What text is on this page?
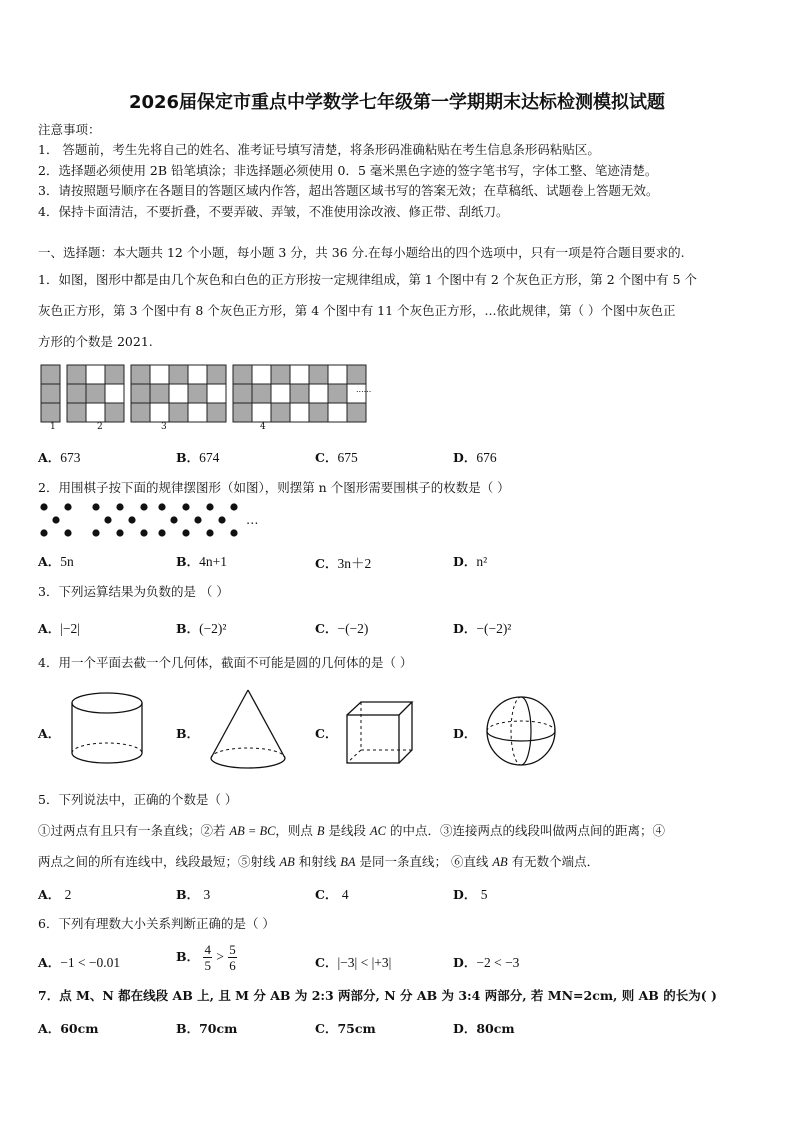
2026届保定市重点中学数学七年级第一学期期末达标检测模拟试题
注意事项：
1． 答题前，考生先将自己的姓名、准考证号填写清楚，将条形码准确粘贴在考生信息条形码粘贴区。
2．选择题必须使用 2B 铅笔填涂；非选择题必须使用 0．5 毫米黑色字迹的签字笔书写，字体工整、笔迹清楚。
3．请按照题号顺序在各题目的答题区域内作答，超出答题区域书写的答案无效；在草稿纸、试题卷上答题无效。
4．保持卡面清洁，不要折叠，不要弄破、弄皱，不准使用涂改液、修正带、刮纸刀。
一、选择题：本大题共 12 个小题，每小题 3 分，共 36 分.在每小题给出的四个选项中，只有一项是符合题目要求的.
1．如图，图形中都是由几个灰色和白色的正方形按一定规律组成，第 1 个图中有 2 个灰色正方形，第 2 个图中有 5 个
灰色正方形，第 3 个图中有 8 个灰色正方形，第 4 个图中有 11 个灰色正方形，...依此规律，第（ ）个图中灰色正
方形的个数是 2021.
1	2	3	4
......
A．673	B．674	C．675	D．676
2．用围棋子按下面的规律摆图形（如图），则摆第 n 个图形需要围棋子的枚数是（ ）
…
A．5n	B．4n+1	C．3n＋2	D．n²
3．下列运算结果为负数的是 （ ）
A．|−2|	B．(−2)²	C．−(−2)	D．−(−2)²
4．用一个平面去截一个几何体，截面不可能是圆的几何体的是（ ）
A．	B．	C．	D．
5．下列说法中，正确的个数是（ ）
①过两点有且只有一条直线；②若 AB = BC，则点 B 是线段 AC 的中点．③连接两点的线段叫做两点间的距离；④
两点之间的所有连线中，线段最短；⑤射线 AB 和射线 BA 是同一条直线； ⑥直线 AB 有无数个端点．
A． 2	B． 3	C． 4	D． 5
6．下列有理数大小关系判断正确的是（ ）
A．−1 < −0.01	B． $\frac{4}{5} > \frac{5}{6}$	C．|−3| < |+3|	D．−2 < −3
7．点 M、N 都在线段 AB 上, 且 M 分 AB 为 2:3 两部分, N 分 AB 为 3:4 两部分, 若 MN=2cm, 则 AB 的长为( )
A．60cm	B．70cm	C．75cm	D．80cm
